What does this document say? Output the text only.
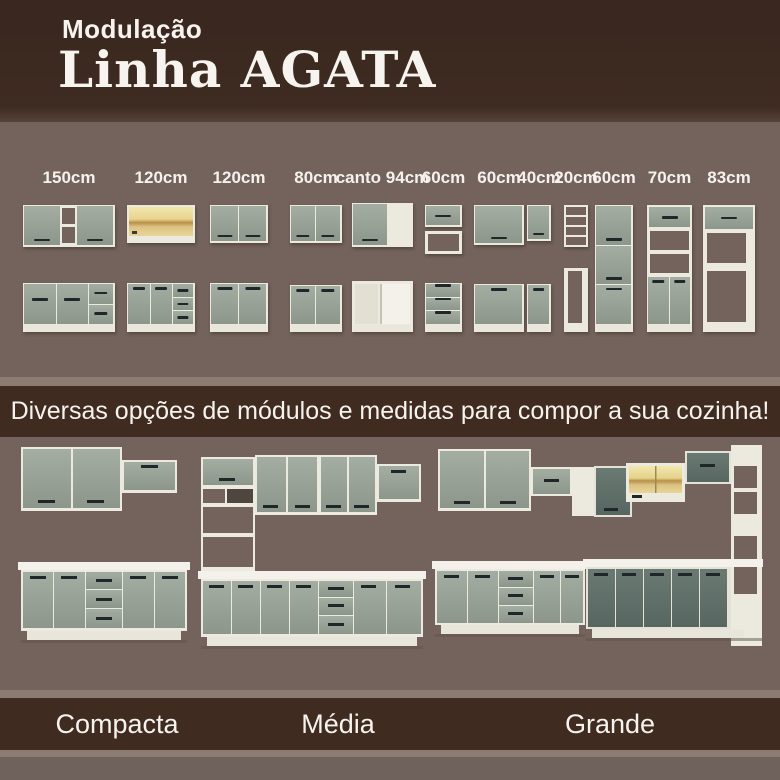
Modulação
Linha AGATA
150cm 120cm 120cm 80cm
canto 94cm
60cm 60cm
40cm
20cm
60cm 70cm 83cm
Diversas opções de módulos e medidas para compor a sua cozinha!
Compacta	Média	Grande
